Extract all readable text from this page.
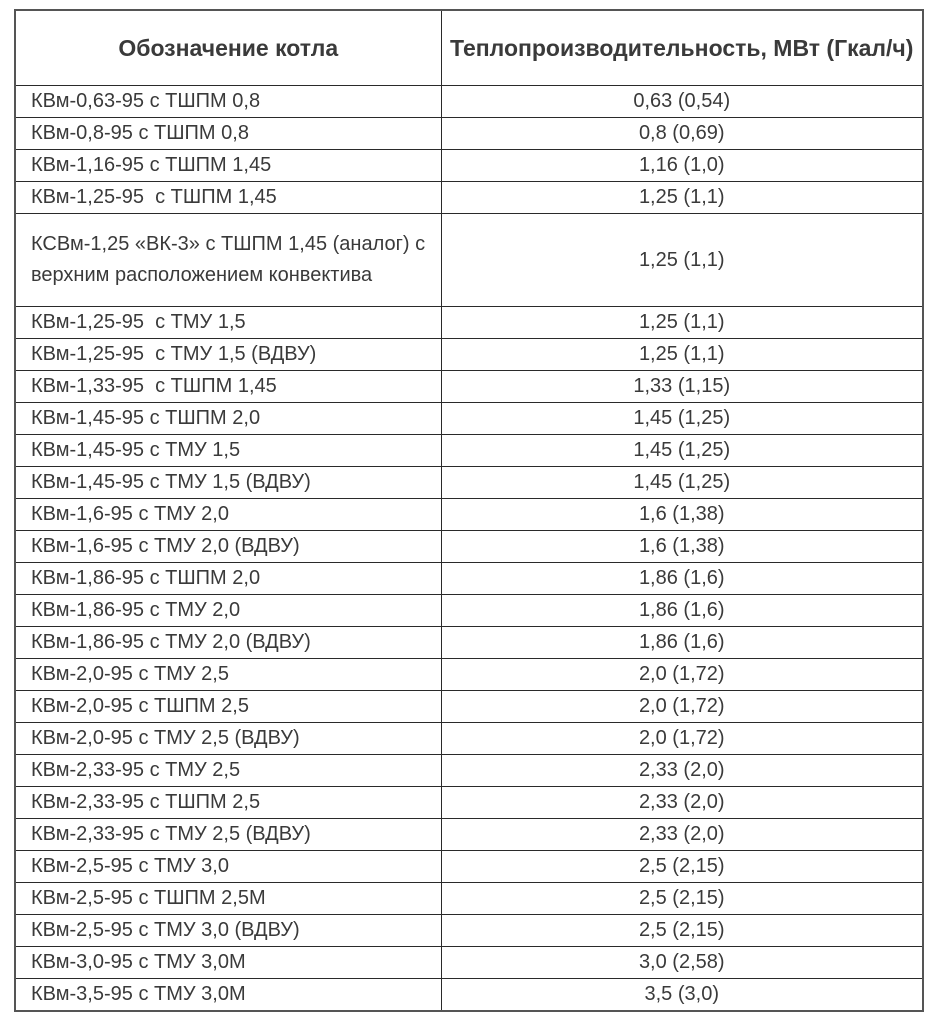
Обозначение котла	Теплопроизводительность, МВт (Гкал/ч)
КВм-0,63-95 с ТШПМ 0,8	0,63 (0,54)
КВм-0,8-95 с ТШПМ 0,8	0,8 (0,69)
КВм-1,16-95 с ТШПМ 1,45	1,16 (1,0)
КВм-1,25-95  с ТШПМ 1,45	1,25 (1,1)
КСВм-1,25 «ВК-3» с ТШПМ 1,45 (аналог) с верхним расположением конвектива	1,25 (1,1)
КВм-1,25-95  с ТМУ 1,5	1,25 (1,1)
КВм-1,25-95  с ТМУ 1,5 (ВДВУ)	1,25 (1,1)
КВм-1,33-95  с ТШПМ 1,45	1,33 (1,15)
КВм-1,45-95 с ТШПМ 2,0	1,45 (1,25)
КВм-1,45-95 с ТМУ 1,5	1,45 (1,25)
КВм-1,45-95 с ТМУ 1,5 (ВДВУ)	1,45 (1,25)
КВм-1,6-95 с ТМУ 2,0	1,6 (1,38)
КВм-1,6-95 с ТМУ 2,0 (ВДВУ)	1,6 (1,38)
КВм-1,86-95 с ТШПМ 2,0	1,86 (1,6)
КВм-1,86-95 с ТМУ 2,0	1,86 (1,6)
КВм-1,86-95 с ТМУ 2,0 (ВДВУ)	1,86 (1,6)
КВм-2,0-95 с ТМУ 2,5	2,0 (1,72)
КВм-2,0-95 с ТШПМ 2,5	2,0 (1,72)
КВм-2,0-95 с ТМУ 2,5 (ВДВУ)	2,0 (1,72)
КВм-2,33-95 с ТМУ 2,5	2,33 (2,0)
КВм-2,33-95 с ТШПМ 2,5	2,33 (2,0)
КВм-2,33-95 с ТМУ 2,5 (ВДВУ)	2,33 (2,0)
КВм-2,5-95 с ТМУ 3,0	2,5 (2,15)
КВм-2,5-95 с ТШПМ 2,5М	2,5 (2,15)
КВм-2,5-95 с ТМУ 3,0 (ВДВУ)	2,5 (2,15)
КВм-3,0-95 с ТМУ 3,0М	3,0 (2,58)
КВм-3,5-95 с ТМУ 3,0М	3,5 (3,0)
